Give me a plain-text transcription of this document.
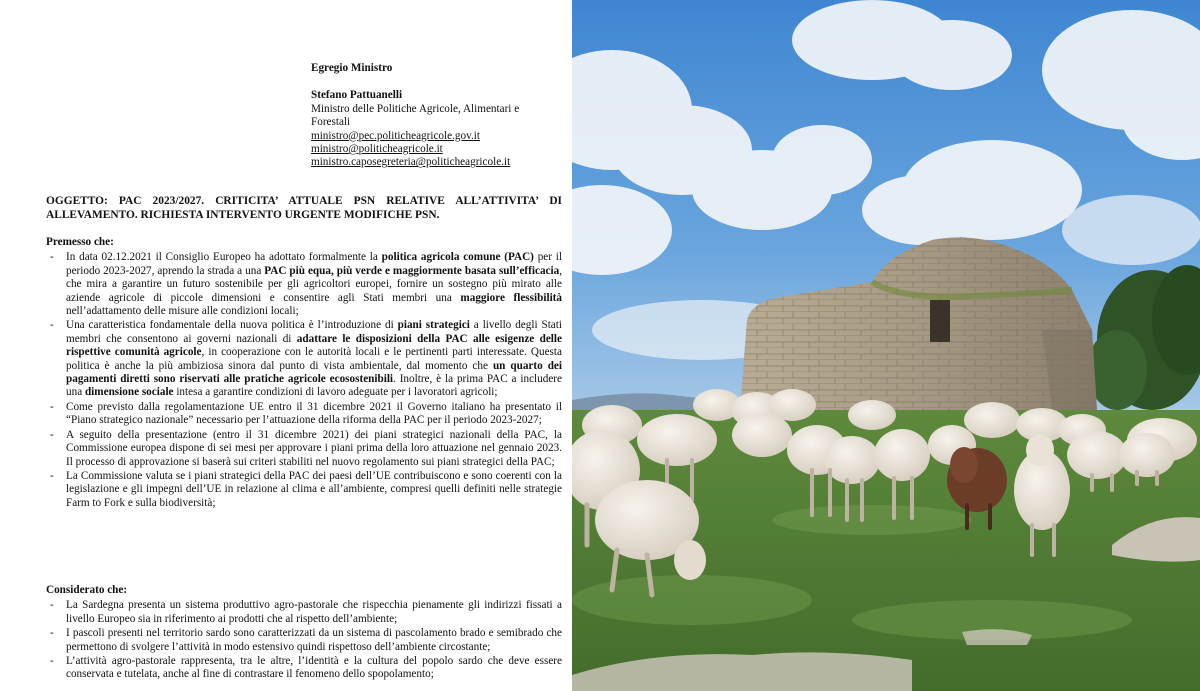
Egregio Ministro
Stefano Pattuanelli
Ministro delle Politiche Agricole, Alimentari e Forestali
ministro@pec.politicheagricole.gov.it
ministro@politicheagricole.it
ministro.caposegreteria@politicheagricole.it
OGGETTO: PAC 2023/2027. CRITICITA’ ATTUALE PSN RELATIVE ALL’ATTIVITA’ DI ALLEVAMENTO. RICHIESTA INTERVENTO URGENTE MODIFICHE PSN.
Premesso che:
- In data 02.12.2021 il Consiglio Europeo ha adottato formalmente la politica agricola comune (PAC) per il periodo 2023-2027, aprendo la strada a una PAC più equa, più verde e maggiormente basata sull’efficacia, che mira a garantire un futuro sostenibile per gli agricoltori europei, fornire un sostegno più mirato alle aziende agricole di piccole dimensioni e consentire agli Stati membri una maggiore flessibilità nell’adattamento delle misure alle condizioni locali;
- Una caratteristica fondamentale della nuova politica è l’introduzione di piani strategici a livello degli Stati membri che consentono ai governi nazionali di adattare le disposizioni della PAC alle esigenze delle rispettive comunità agricole, in cooperazione con le autorità locali e le pertinenti parti interessate. Questa politica è anche la più ambiziosa sinora dal punto di vista ambientale, dal momento che un quarto dei pagamenti diretti sono riservati alle pratiche agricole ecosostenibili. Inoltre, è la prima PAC a includere una dimensione sociale intesa a garantire condizioni di lavoro adeguate per i lavoratori agricoli;
- Come previsto dalla regolamentazione UE entro il 31 dicembre 2021 il Governo italiano ha presentato il “Piano strategico nazionale” necessario per l’attuazione della riforma della PAC per il periodo 2023-2027;
- A seguito della presentazione (entro il 31 dicembre 2021) dei piani strategici nazionali della PAC, la Commissione europea dispone di sei mesi per approvare i piani prima della loro attuazione nel gennaio 2023. Il processo di approvazione si baserà sui criteri stabiliti nel nuovo regolamento sui piani strategici della PAC;
- La Commissione valuta se i piani strategici della PAC dei paesi dell’UE contribuiscono e sono coerenti con la legislazione e gli impegni dell’UE in relazione al clima e all’ambiente, compresi quelli definiti nelle strategie Farm to Fork e sulla biodiversità;
Considerato che:
- La Sardegna presenta un sistema produttivo agro-pastorale che rispecchia pienamente gli indirizzi fissati a livello Europeo sia in riferimento ai prodotti che al rispetto dell’ambiente;
- I pascoli presenti nel territorio sardo sono caratterizzati da un sistema di pascolamento brado e semibrado che permettono di svolgere l’attività in modo estensivo quindi rispettoso dell’ambiente circostante;
- L’attività agro-pastorale rappresenta, tra le altre, l’identità e la cultura del popolo sardo che deve essere conservata e tutelata, anche al fine di contrastare il fenomeno dello spopolamento;
